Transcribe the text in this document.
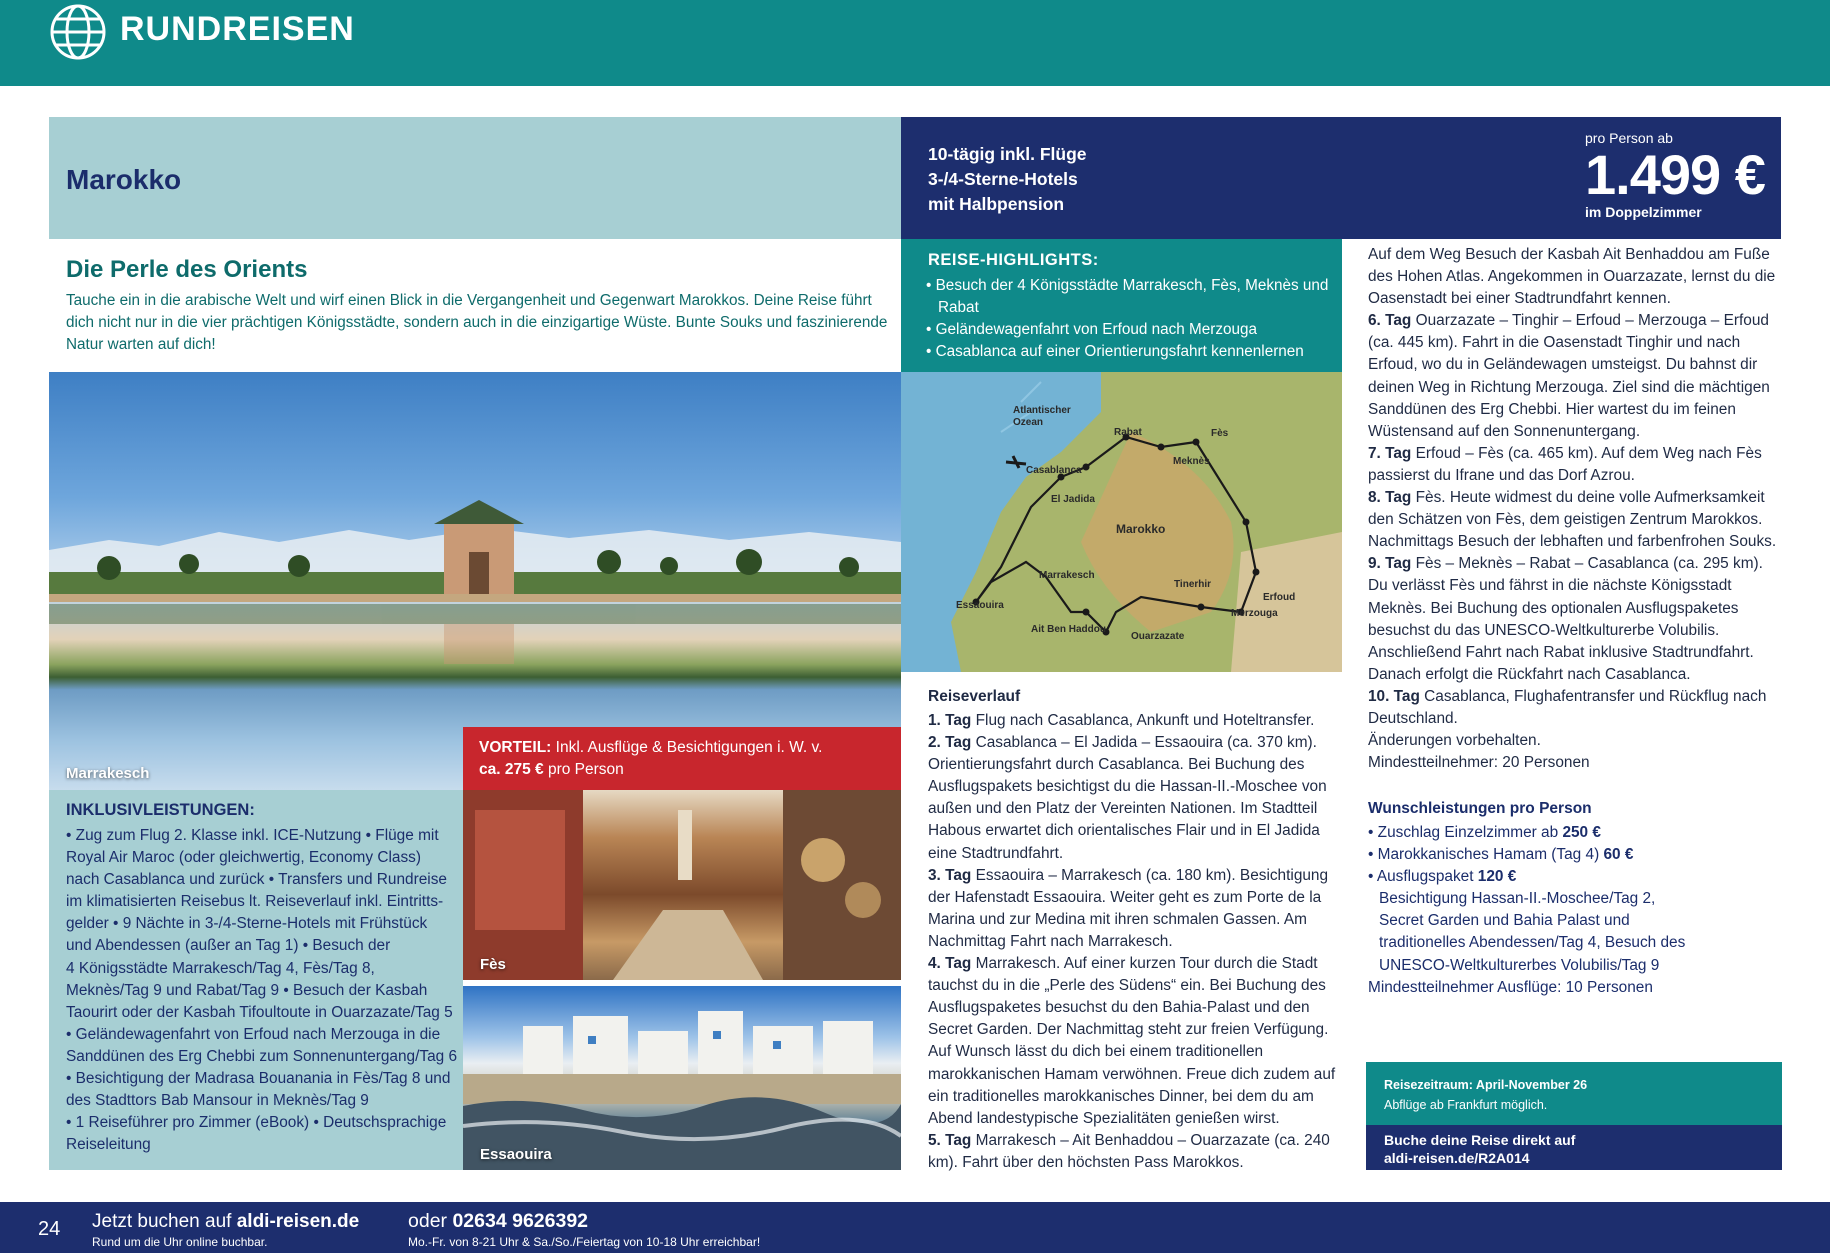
RUNDREISEN
Marokko
10-tägig inkl. Flüge
3-/4-Sterne-Hotels
mit Halbpension
pro Person ab
1.499 €
im Doppelzimmer
Die Perle des Orients
Tauche ein in die arabische Welt und wirf einen Blick in die Vergangenheit und Gegenwart Marokkos. Deine Reise führt dich nicht nur in die vier prächtigen Königsstädte, sondern auch in die einzigartige Wüste. Bunte Souks und faszinierende Natur warten auf dich!
Marrakesch
INKLUSIVLEISTUNGEN:
• Zug zum Flug 2. Klasse inkl. ICE-Nutzung • Flüge mit
Royal Air Maroc (oder gleichwertig, Economy Class)
nach Casablanca und zurück • Transfers und Rundreise
im klimatisierten Reisebus lt. Reiseverlauf inkl. Eintritts-
gelder • 9 Nächte in 3-/4-Sterne-Hotels mit Frühstück
und Abendessen (außer an Tag 1) • Besuch der
4 Königsstädte Marrakesch/Tag 4, Fès/Tag 8,
Meknès/Tag 9 und Rabat/Tag 9 • Besuch der Kasbah
Taourirt oder der Kasbah Tifoultoute in Ouarzazate/Tag 5
• Geländewagenfahrt von Erfoud nach Merzouga in die
Sanddünen des Erg Chebbi zum Sonnenuntergang/Tag 6
• Besichtigung der Madrasa Bouanania in Fès/Tag 8 und
des Stadttors Bab Mansour in Meknès/Tag 9
• 1 Reiseführer pro Zimmer (eBook) • Deutschsprachige
Reiseleitung
VORTEIL: Inkl. Ausflüge & Besichtigungen i. W. v.
ca. 275 € pro Person
Fès
Essaouira
REISE-HIGHLIGHTS:
• Besuch der 4 Königsstädte Marrakesch, Fès, Meknès und Rabat
• Geländewagenfahrt von Erfoud nach Merzouga
• Casablanca auf einer Orientierungsfahrt kennenlernen
Atlantischer
Ozean
Casablanca
Rabat
Meknès
Fès
El Jadida
Marokko
Marrakesch
Essaouira
Ait Ben Haddou
Ouarzazate
Tinerhir
Erfoud
Merzouga
Reiseverlauf
1. Tag Flug nach Casablanca, Ankunft und Hoteltransfer.
2. Tag Casablanca – El Jadida – Essaouira (ca. 370 km). Orientierungsfahrt durch Casablanca. Bei Buchung des Ausflugspakets besichtigst du die Hassan-II.-Moschee von außen und den Platz der Vereinten Nationen. Im Stadtteil Habous erwartet dich orientalisches Flair und in El Jadida eine Stadtrundfahrt.
3. Tag Essaouira – Marrakesch (ca. 180 km). Besichtigung der Hafenstadt Essaouira. Weiter geht es zum Porte de la Marina und zur Medina mit ihren schmalen Gassen. Am Nachmittag Fahrt nach Marrakesch.
4. Tag Marrakesch. Auf einer kurzen Tour durch die Stadt tauchst du in die „Perle des Südens“ ein. Bei Buchung des Ausflugspaketes besuchst du den Bahia-Palast und den Secret Garden. Der Nachmittag steht zur freien Verfügung. Auf Wunsch lässt du dich bei einem traditionellen marokkanischen Hamam verwöhnen. Freue dich zudem auf ein traditionelles marokkanisches Dinner, bei dem du am Abend landestypische Spezialitäten genießen wirst.
5. Tag Marrakesch – Ait Benhaddou – Ouarzazate (ca. 240 km). Fahrt über den höchsten Pass Marokkos.
Auf dem Weg Besuch der Kasbah Ait Benhaddou am Fuße des Hohen Atlas. Angekommen in Ouarzazate, lernst du die Oasenstadt bei einer Stadtrundfahrt kennen.
6. Tag Ouarzazate – Tinghir – Erfoud – Merzouga – Erfoud (ca. 445 km). Fahrt in die Oasenstadt Tinghir und nach Erfoud, wo du in Geländewagen umsteigst. Du bahnst dir deinen Weg in Richtung Merzouga. Ziel sind die mächtigen Sanddünen des Erg Chebbi. Hier wartest du im feinen Wüstensand auf den Sonnenuntergang.
7. Tag Erfoud – Fès (ca. 465 km). Auf dem Weg nach Fès passierst du Ifrane und das Dorf Azrou.
8. Tag Fès. Heute widmest du deine volle Aufmerksamkeit den Schätzen von Fès, dem geistigen Zentrum Marokkos. Nachmittags Besuch der lebhaften und farbenfrohen Souks.
9. Tag Fès – Meknès – Rabat – Casablanca (ca. 295 km). Du verlässt Fès und fährst in die nächste Königsstadt Meknès. Bei Buchung des optionalen Ausflugspaketes besuchst du das UNESCO-Weltkulturerbe Volubilis. Anschließend Fahrt nach Rabat inklusive Stadtrundfahrt. Danach erfolgt die Rückfahrt nach Casablanca.
10. Tag Casablanca, Flughafentransfer und Rückflug nach Deutschland.
Änderungen vorbehalten.
Mindestteilnehmer: 20 Personen
Wunschleistungen pro Person
• Zuschlag Einzelzimmer ab 250 €
• Marokkanisches Hamam (Tag 4) 60 €
• Ausflugspaket 120 €
Besichtigung Hassan-II.-Moschee/Tag 2,
Secret Garden und Bahia Palast und
traditionelles Abendessen/Tag 4, Besuch des
UNESCO-Weltkulturerbes Volubilis/Tag 9
Mindestteilnehmer Ausflüge: 10 Personen
Reisezeitraum: April-November 26
Abflüge ab Frankfurt möglich.
Buche deine Reise direkt auf
aldi-reisen.de/R2A014
24 Jetzt buchen auf aldi-reisen.de
Rund um die Uhr online buchbar.
oder 02634 9626392
Mo.-Fr. von 8-21 Uhr & Sa./So./Feiertag von 10-18 Uhr erreichbar!
